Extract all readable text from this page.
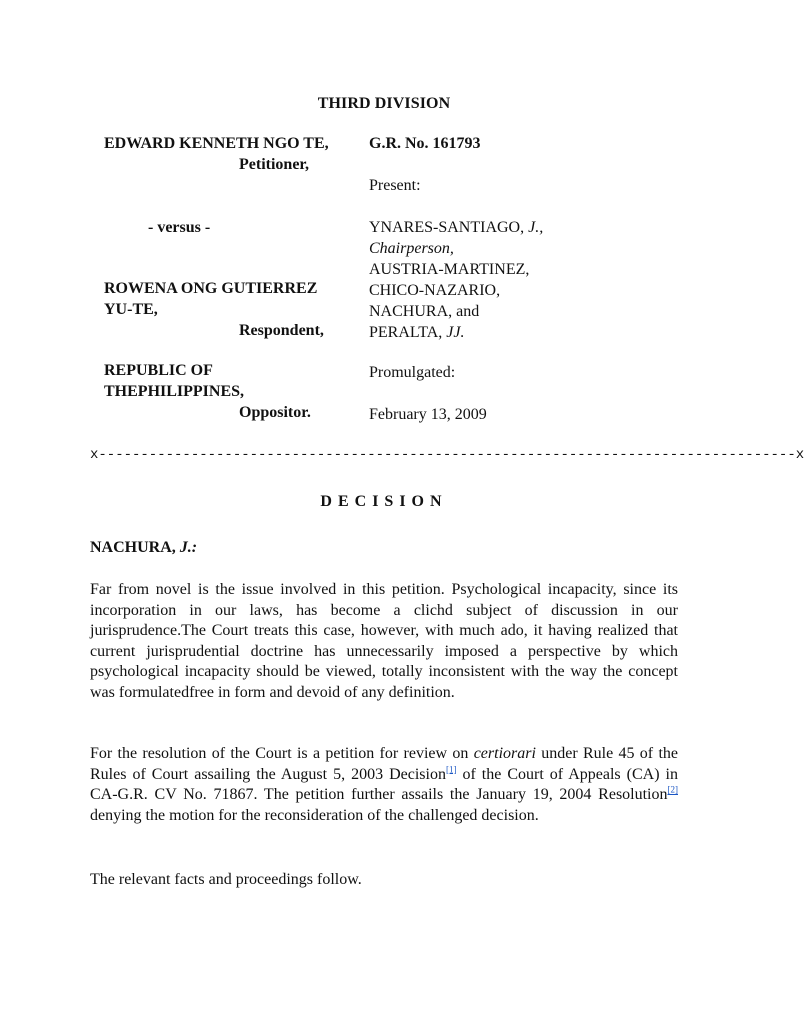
THIRD DIVISION
EDWARD KENNETH NGO TE,
Petitioner,
- versus -
ROWENA ONG GUTIERREZ
YU-TE,
Respondent,
REPUBLIC OF
THEPHILIPPINES,
Oppositor.
G.R. No. 161793
Present:
YNARES-SANTIAGO, J.,
Chairperson,
AUSTRIA-MARTINEZ,
CHICO-NAZARIO,
NACHURA, and
PERALTA, JJ.
Promulgated:
February 13, 2009
x-----------------------------------------------------------------------------------x
DECISION
NACHURA, J.:
Far from novel is the issue involved in this petition. Psychological incapacity, since its incorporation in our laws, has become a clichd subject of discussion in our jurisprudence.The Court treats this case, however, with much ado, it having realized that current jurisprudential doctrine has unnecessarily imposed a perspective by which psychological incapacity should be viewed, totally inconsistent with the way the concept was formulatedfree in form and devoid of any definition.
For the resolution of the Court is a petition for review on certiorari under Rule 45 of the Rules of Court assailing the August 5, 2003 Decision[1] of the Court of Appeals (CA) in CA-G.R. CV No. 71867. The petition further assails the January 19, 2004 Resolution[2] denying the motion for the reconsideration of the challenged decision.
The relevant facts and proceedings follow.
